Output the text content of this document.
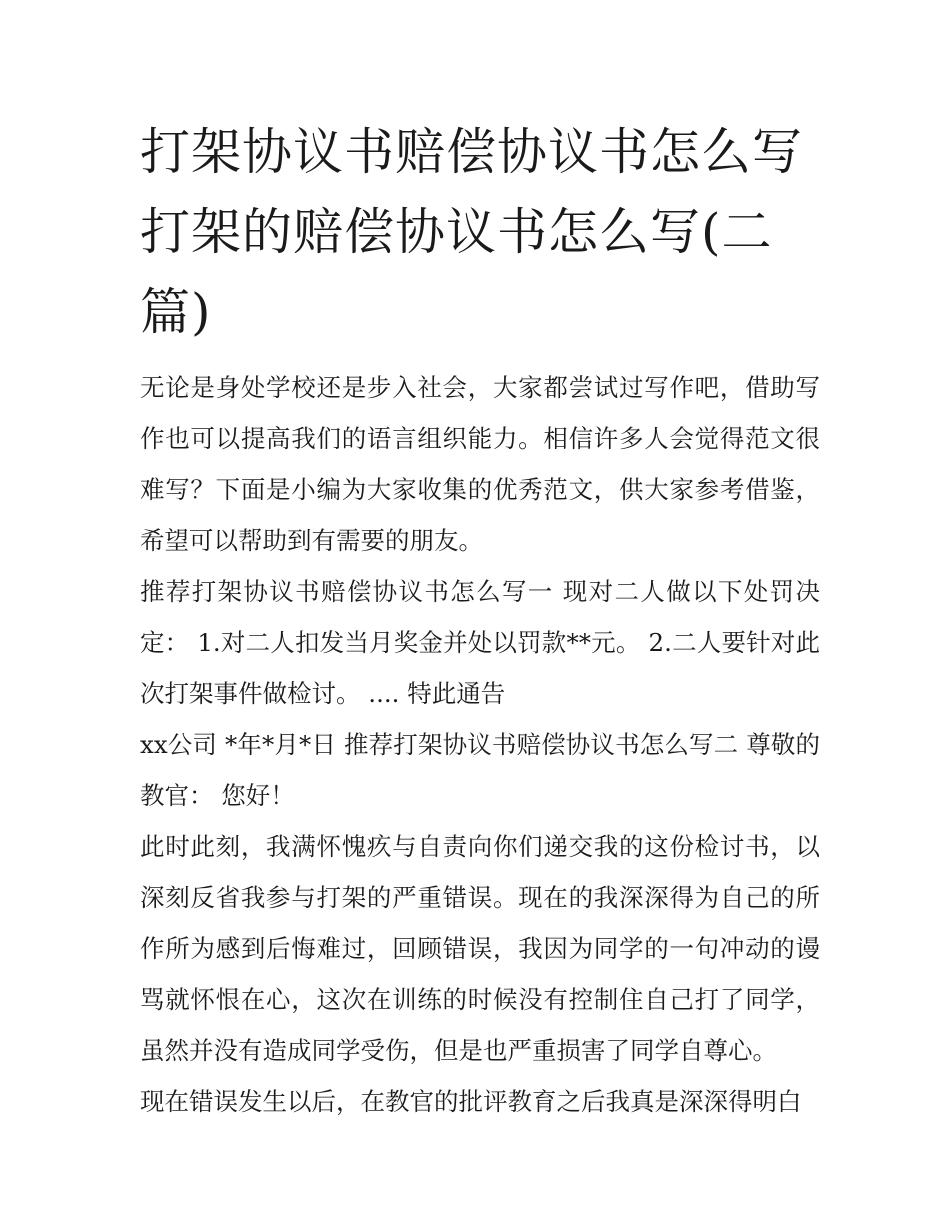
打架协议书赔偿协议书怎么写打架的赔偿协议书怎么写(二篇)

无论是身处学校还是步入社会，大家都尝试过写作吧，借助写作也可以提高我们的语言组织能力。相信许多人会觉得范文很难写？下面是小编为大家收集的优秀范文，供大家参考借鉴，希望可以帮助到有需要的朋友。

推荐打架协议书赔偿协议书怎么写一 现对二人做以下处罚决定： 1.对二人扣发当月奖金并处以罚款**元。 2.二人要针对此次打架事件做检讨。 .... 特此通告

xx公司 *年*月*日 推荐打架协议书赔偿协议书怎么写二 尊敬的教官： 您好！

此时此刻，我满怀愧疚与自责向你们递交我的这份检讨书，以深刻反省我参与打架的严重错误。现在的我深深得为自己的所作所为感到后悔难过，回顾错误，我因为同学的一句冲动的谩骂就怀恨在心，这次在训练的时候没有控制住自己打了同学，虽然并没有造成同学受伤，但是也严重损害了同学自尊心。

现在错误发生以后，在教官的批评教育之后我真是深深得明白
